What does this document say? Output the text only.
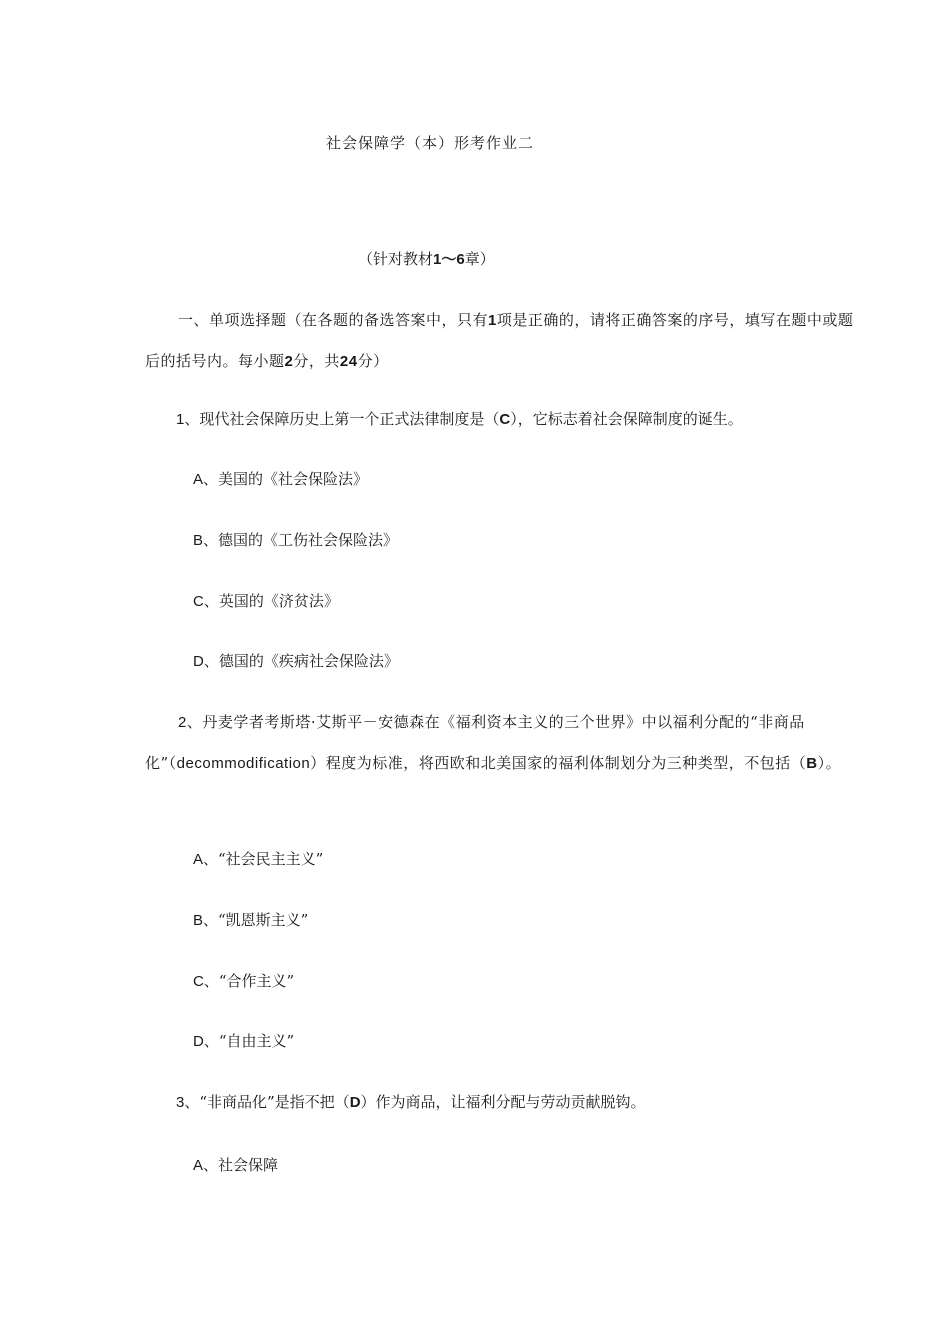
社会保障学（本）形考作业二
（针对教材1～6章）
一、单项选择题（在各题的备选答案中，只有1项是正确的，请将正确答案的序号，填写在题中或题后的括号内。每小题2分，共24分）
1、现代社会保障历史上第一个正式法律制度是（C），它标志着社会保障制度的诞生。
A、美国的《社会保险法》
B、德国的《工伤社会保险法》
C、英国的《济贫法》
D、德国的《疾病社会保险法》
2、丹麦学者考斯塔·艾斯平－安德森在《福利资本主义的三个世界》中以福利分配的“非商品化”（decommodification）程度为标准，将西欧和北美国家的福利体制划分为三种类型，不包括（B）。
A、“社会民主主义”
B、“凯恩斯主义”
C、“合作主义”
D、“自由主义”
3、“非商品化”是指不把（D）作为商品，让福利分配与劳动贡献脱钩。
A、社会保障
